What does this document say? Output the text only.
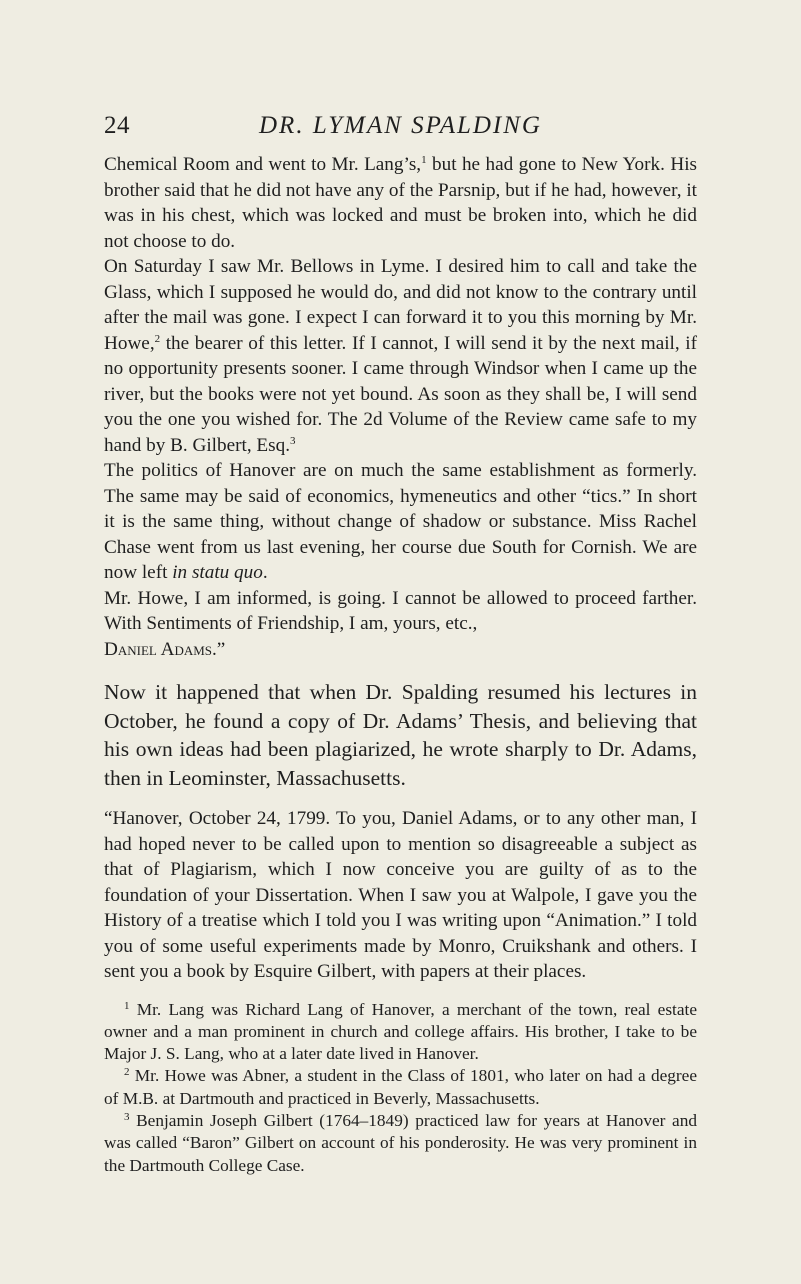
24	DR. LYMAN SPALDING

Chemical Room and went to Mr. Lang’s,$^1$ but he had gone to New York. His brother said that he did not have any of the Parsnip, but if he had, however, it was in his chest, which was locked and must be broken into, which he did not choose to do.

On Saturday I saw Mr. Bellows in Lyme. I desired him to call and take the Glass, which I supposed he would do, and did not know to the contrary until after the mail was gone. I expect I can forward it to you this morning by Mr. Howe,$^2$ the bearer of this letter. If I cannot, I will send it by the next mail, if no opportunity presents sooner. I came through Windsor when I came up the river, but the books were not yet bound. As soon as they shall be, I will send you the one you wished for. The 2d Volume of the Review came safe to my hand by B. Gilbert, Esq.$^3$

The politics of Hanover are on much the same establishment as formerly. The same may be said of economics, hymeneutics and other “tics.” In short it is the same thing, without change of shadow or substance. Miss Rachel Chase went from us last evening, her course due South for Cornish. We are now left in statu quo.

Mr. Howe, I am informed, is going. I cannot be allowed to proceed farther. With Sentiments of Friendship, I am, yours, etc.,

Daniel Adams.”

Now it happened that when Dr. Spalding resumed his lectures in October, he found a copy of Dr. Adams’ Thesis, and believing that his own ideas had been plagiarized, he wrote sharply to Dr. Adams, then in Leominster, Massachusetts.

“Hanover, October 24, 1799. To you, Daniel Adams, or to any other man, I had hoped never to be called upon to mention so disagreeable a subject as that of Plagiarism, which I now conceive you are guilty of as to the foundation of your Dissertation. When I saw you at Walpole, I gave you the History of a treatise which I told you I was writing upon “Animation.” I told you of some useful experiments made by Monro, Cruikshank and others. I sent you a book by Esquire Gilbert, with papers at their places.

$^1$ Mr. Lang was Richard Lang of Hanover, a merchant of the town, real estate owner and a man prominent in church and college affairs. His brother, I take to be Major J. S. Lang, who at a later date lived in Hanover.

$^2$ Mr. Howe was Abner, a student in the Class of 1801, who later on had a degree of M.B. at Dartmouth and practiced in Beverly, Massachusetts.

$^3$ Benjamin Joseph Gilbert (1764–1849) practiced law for years at Hanover and was called “Baron” Gilbert on account of his ponderosity. He was very prominent in the Dartmouth College Case.
